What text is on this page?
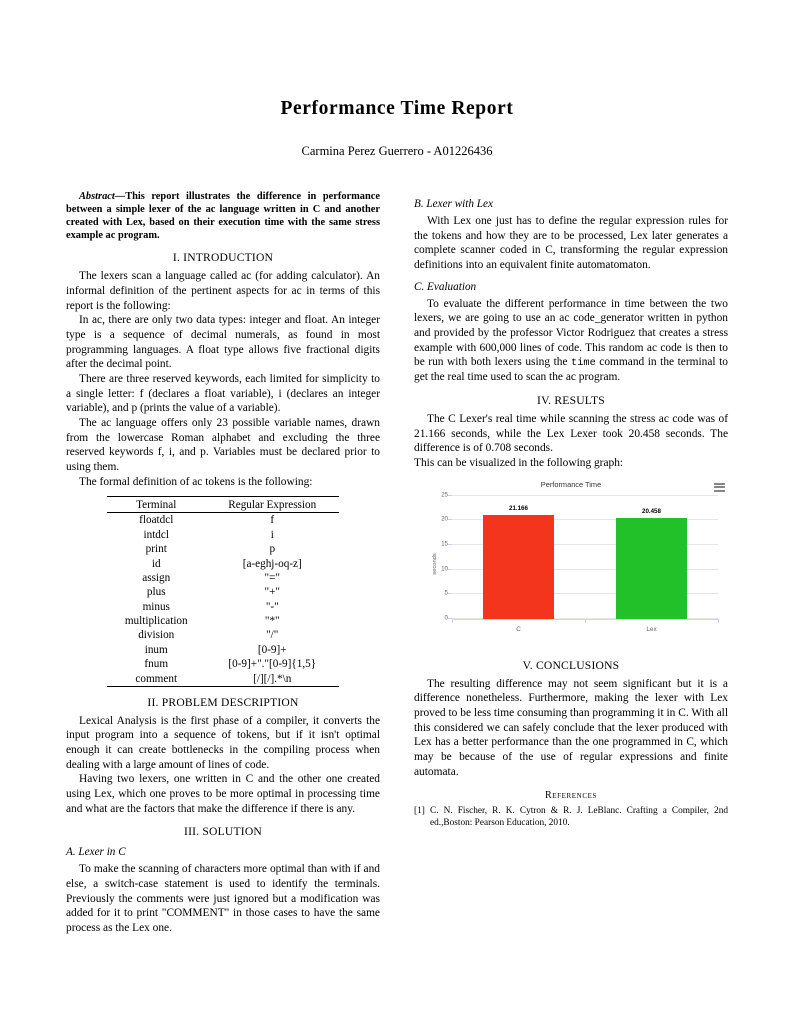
Performance Time Report
Carmina Perez Guerrero - A01226436

Abstract—This report illustrates the difference in performance between a simple lexer of the ac language written in C and another created with Lex, based on their execution time with the same stress example ac program.

I. INTRODUCTION

The lexers scan a language called ac (for adding calculator). An informal definition of the pertinent aspects for ac in terms of this report is the following:

In ac, there are only two data types: integer and float. An integer type is a sequence of decimal numerals, as found in most programming languages. A float type allows five fractional digits after the decimal point.

There are three reserved keywords, each limited for simplicity to a single letter: f (declares a float variable), i (declares an integer variable), and p (prints the value of a variable).

The ac language offers only 23 possible variable names, drawn from the lowercase Roman alphabet and excluding the three reserved keywords f, i, and p. Variables must be declared prior to using them.

The formal definition of ac tokens is the following:

Terminal	Regular Expression
floatdcl	f
intdcl	i
print	p
id	[a-eghj-oq-z]
assign	"="
plus	"+"
minus	"-"
multiplication	"*"
division	"/"
inum	[0-9]+
fnum	[0-9]+"."[0-9]{1,5}
comment	[/][/].*\n
II. PROBLEM DESCRIPTION

Lexical Analysis is the first phase of a compiler, it converts the input program into a sequence of tokens, but if it isn't optimal enough it can create bottlenecks in the compiling process when dealing with a large amount of lines of code.

Having two lexers, one written in C and the other one created using Lex, which one proves to be more optimal in processing time and what are the factors that make the difference if there is any.

III. SOLUTION
A. Lexer in C

To make the scanning of characters more optimal than with if and else, a switch-case statement is used to identify the terminals. Previously the comments were just ignored but a modification was added for it to print "COMMENT" in those cases to have the same process as the Lex one.

B. Lexer with Lex

With Lex one just has to define the regular expression rules for the tokens and how they are to be processed, Lex later generates a complete scanner coded in C, transforming the regular expression definitions into an equivalent finite automatomaton.

C. Evaluation

To evaluate the different performance in time between the two lexers, we are going to use an ac code_generator written in python and provided by the professor Victor Rodriguez that creates a stress example with 600,000 lines of code. This random ac code is then to be run with both lexers using the time command in the terminal to get the real time used to scan the ac program.

IV. RESULTS

The C Lexer's real time while scanning the stress ac code was of 21.166 seconds, while the Lex Lexer took 20.458 seconds. The difference is of 0.708 seconds.

This can be visualized in the following graph:

Performance Time
seconds
0
5
10
15
20
25
21.166
C
20.458
Lex
V. CONCLUSIONS

The resulting difference may not seem significant but it is a difference nonetheless. Furthermore, making the lexer with Lex proved to be less time consuming than programming it in C. With all this considered we can safely conclude that the lexer produced with Lex has a better performance than the one programmed in C, which may be because of the use of regular expressions and finite automata.

References
[1] C. N. Fischer, R. K. Cytron & R. J. LeBlanc. Crafting a Compiler, 2nd ed.,Boston: Pearson Education, 2010.
